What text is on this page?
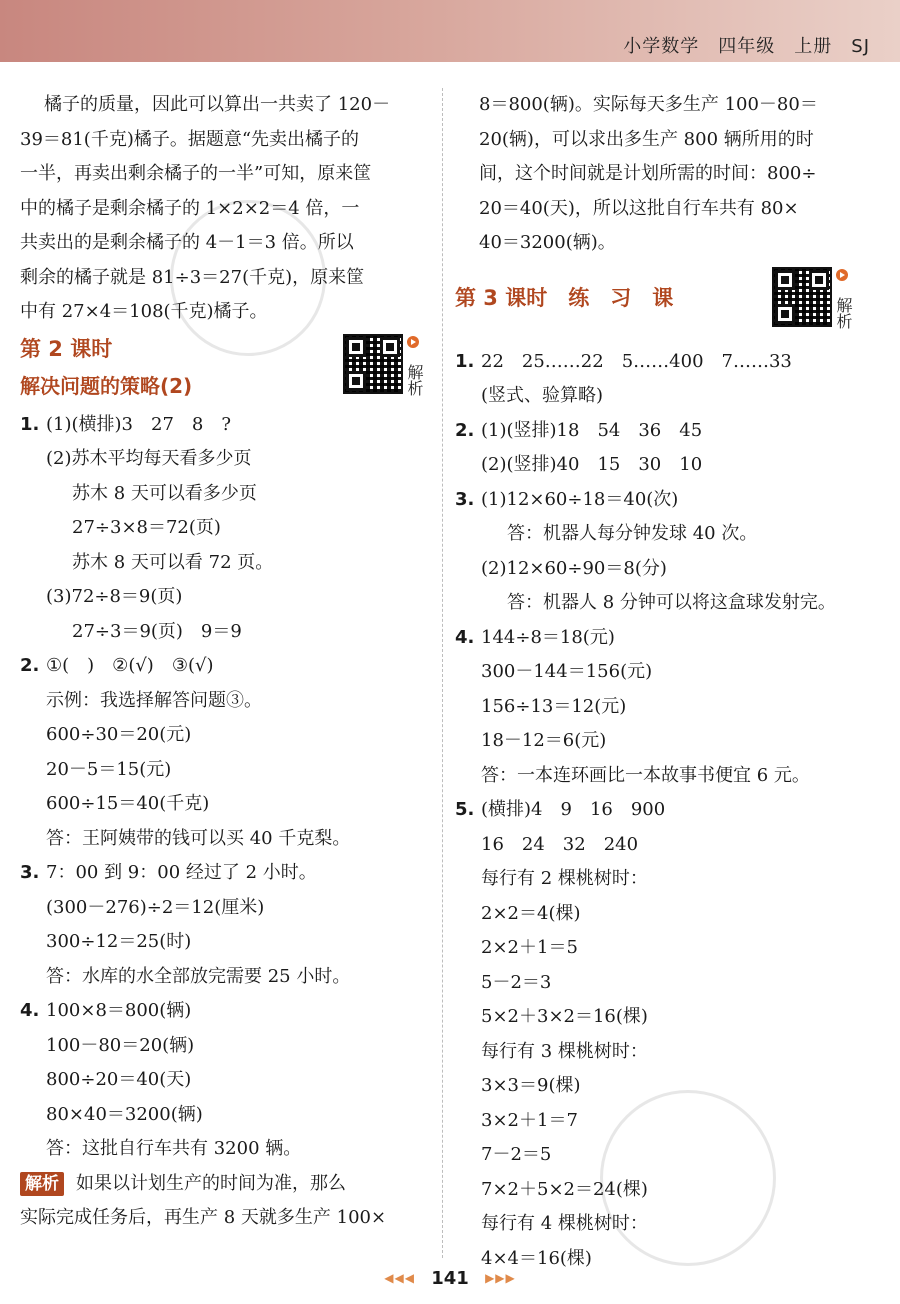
小学数学　四年级　上册　SJ
橘子的质量，因此可以算出一共卖了 120－
39＝81(千克)橘子。据题意“先卖出橘子的
一半，再卖出剩余橘子的一半”可知，原来筐
中的橘子是剩余橘子的 1×2×2＝4 倍，一
共卖出的是剩余橘子的 4－1＝3 倍。所以
剩余的橘子就是 81÷3＝27(千克)，原来筐
中有 27×4＝108(千克)橘子。
第 2 课时
解决问题的策略(2)	解析
1. (1)(横排)3　27　8　?
(2)苏木平均每天看多少页
苏木 8 天可以看多少页
27÷3×8＝72(页)
苏木 8 天可以看 72 页。
(3)72÷8＝9(页)
27÷3＝9(页)　9＝9
2. ①(　)　②(√)　③(√)
示例：我选择解答问题③。
600÷30＝20(元)
20－5＝15(元)
600÷15＝40(千克)
答：王阿姨带的钱可以买 40 千克梨。
3. 7：00 到 9：00 经过了 2 小时。
(300－276)÷2＝12(厘米)
300÷12＝25(时)
答：水库的水全部放完需要 25 小时。
4. 100×8＝800(辆)
100－80＝20(辆)
800÷20＝40(天)
80×40＝3200(辆)
答：这批自行车共有 3200 辆。
解析 如果以计划生产的时间为准，那么
实际完成任务后，再生产 8 天就多生产 100×
8＝800(辆)。实际每天多生产 100－80＝
20(辆)，可以求出多生产 800 辆所用的时
间，这个时间就是计划所需的时间：800÷
20＝40(天)，所以这批自行车共有 80×
40＝3200(辆)。
第 3 课时　练　习　课	解析
1. 22　25……22　5……400　7……33
(竖式、验算略)
2. (1)(竖排)18　54　36　45
(2)(竖排)40　15　30　10
3. (1)12×60÷18＝40(次)
答：机器人每分钟发球 40 次。
(2)12×60÷90＝8(分)
答：机器人 8 分钟可以将这盒球发射完。
4. 144÷8＝18(元)
300－144＝156(元)
156÷13＝12(元)
18－12＝6(元)
答：一本连环画比一本故事书便宜 6 元。
5. (横排)4　9　16　900
16　24　32　240
每行有 2 棵桃树时：
2×2＝4(棵)
2×2＋1＝5
5－2＝3
5×2＋3×2＝16(棵)
每行有 3 棵桃树时：
3×3＝9(棵)
3×2＋1＝7
7－2＝5
7×2＋5×2＝24(棵)
每行有 4 棵桃树时：
4×4＝16(棵)
◀◀◀ 141 ▶▶▶
